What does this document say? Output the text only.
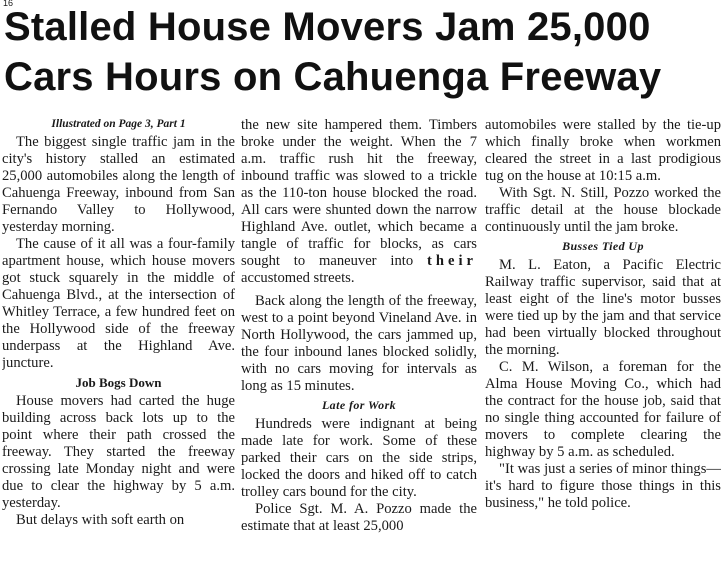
16
Stalled House Movers Jam 25,000
Cars Hours on Cahuenga Freeway

Illustrated on Page 3, Part 1

The biggest single traffic jam in the city's history stalled an estimated 25,000 automobiles along the length of Cahuenga Freeway, inbound from San Fernando Valley to Hollywood, yesterday morning.

The cause of it all was a four-family apartment house, which house movers got stuck squarely in the middle of Cahuenga Blvd., at the intersection of Whitley Terrace, a few hundred feet on the Hollywood side of the freeway underpass at the Highland Ave. juncture.

Job Bogs Down

House movers had carted the huge building across back lots up to the point where their path crossed the freeway. They started the freeway crossing late Monday night and were due to clear the highway by 5 a.m. yesterday.

But delays with soft earth on

the new site hampered them. Timbers broke under the weight. When the 7 a.m. traffic rush hit the freeway, inbound traffic was slowed to a trickle as the 110-ton house blocked the road. All cars were shunted down the narrow Highland Ave. outlet, which became a tangle of traffic for blocks, as cars sought to maneuver into their accustomed streets.

Back along the length of the freeway, west to a point beyond Vineland Ave. in North Hollywood, the cars jammed up, the four inbound lanes blocked solidly, with no cars moving for intervals as long as 15 minutes.

Late for Work

Hundreds were indignant at being made late for work. Some of these parked their cars on the side strips, locked the doors and hiked off to catch trolley cars bound for the city.

Police Sgt. M. A. Pozzo made the estimate that at least 25,000

automobiles were stalled by the tie-up which finally broke when workmen cleared the street in a last prodigious tug on the house at 10:15 a.m.

With Sgt. N. Still, Pozzo worked the traffic detail at the house blockade continuously until the jam broke.

Busses Tied Up

M. L. Eaton, a Pacific Electric Railway traffic supervisor, said that at least eight of the line's motor busses were tied up by the jam and that service had been virtually blocked throughout the morning.

C. M. Wilson, a foreman for the Alma House Moving Co., which had the contract for the house job, said that no single thing accounted for failure of movers to complete clearing the highway by 5 a.m. as scheduled.

"It was just a series of minor things—it's hard to figure those things in this business," he told police.
